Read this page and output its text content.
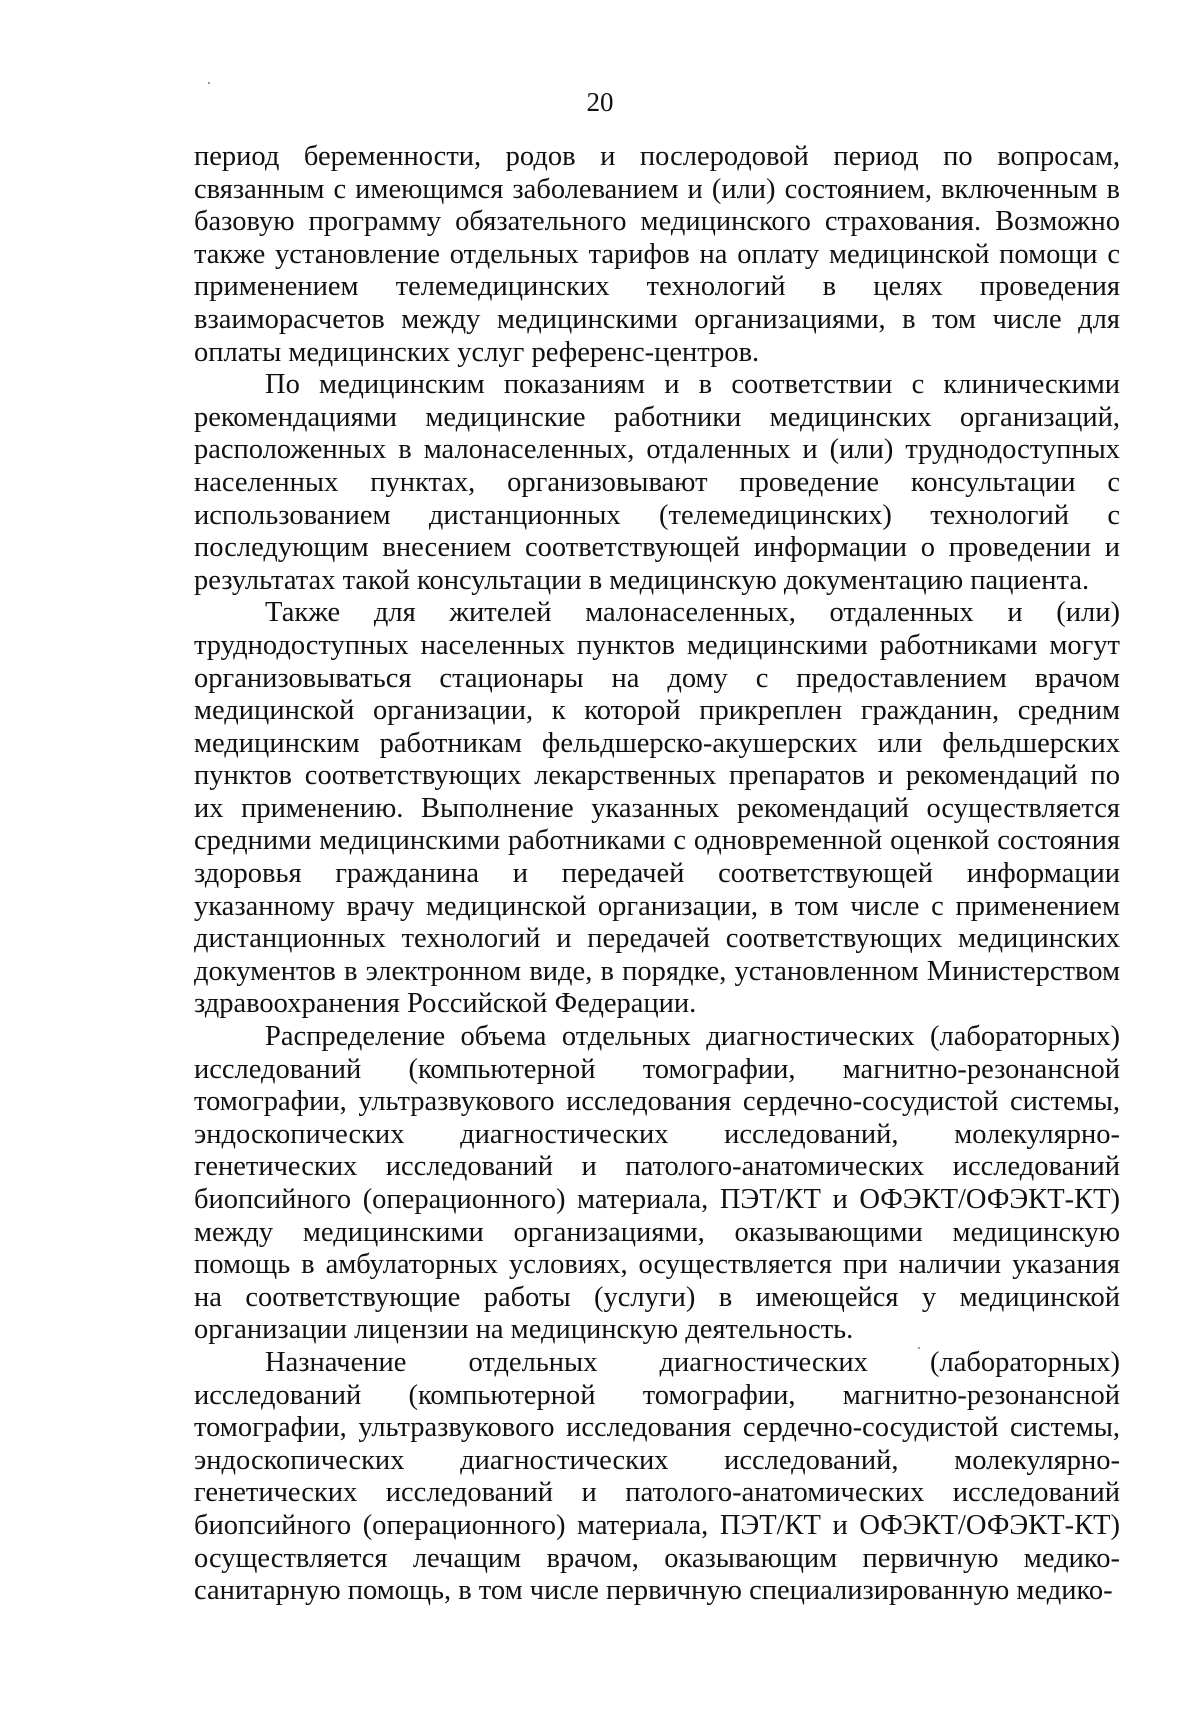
20

период беременности, родов и послеродовой период по вопросам, связанным с имеющимся заболеванием и (или) состоянием, включенным в базовую программу обязательного медицинского страхования. Возможно также установление отдельных тарифов на оплату медицинской помощи с применением телемедицинских технологий в целях проведения взаиморасчетов между медицинскими организациями, в том числе для оплаты медицинских услуг референс-центров.

По медицинским показаниям и в соответствии с клиническими рекомендациями медицинские работники медицинских организаций, расположенных в малонаселенных, отдаленных и (или) труднодоступных населенных пунктах, организовывают проведение консультации с использованием дистанционных (телемедицинских) технологий с последующим внесением соответствующей информации о проведении и результатах такой консультации в медицинскую документацию пациента.

Также для жителей малонаселенных, отдаленных и (или) труднодоступных населенных пунктов медицинскими работниками могут организовываться стационары на дому с предоставлением врачом медицинской организации, к которой прикреплен гражданин, средним медицинским работникам фельдшерско-акушерских или фельдшерских пунктов соответствующих лекарственных препаратов и рекомендаций по их применению. Выполнение указанных рекомендаций осуществляется средними медицинскими работниками с одновременной оценкой состояния здоровья гражданина и передачей соответствующей информации указанному врачу медицинской организации, в том числе с применением дистанционных технологий и передачей соответствующих медицинских документов в электронном виде, в порядке, установленном Министерством здравоохранения Российской Федерации.

Распределение объема отдельных диагностических (лабораторных) исследований (компьютерной томографии, магнитно-резонансной томографии, ультразвукового исследования сердечно-сосудистой системы, эндоскопических диагностических исследований, молекулярно-генетических исследований и патолого-анатомических исследований биопсийного (операционного) материала, ПЭТ/КТ и ОФЭКТ/ОФЭКТ-КТ) между медицинскими организациями, оказывающими медицинскую помощь в амбулаторных условиях, осуществляется при наличии указания на соответствующие работы (услуги) в имеющейся у медицинской организации лицензии на медицинскую деятельность.

Назначение отдельных диагностических (лабораторных) исследований (компьютерной томографии, магнитно-резонансной томографии, ультразвукового исследования сердечно-сосудистой системы, эндоскопических диагностических исследований, молекулярно-генетических исследований и патолого-анатомических исследований биопсийного (операционного) материала, ПЭТ/КТ и ОФЭКТ/ОФЭКТ-КТ) осуществляется лечащим врачом, оказывающим первичную медико-санитарную помощь, в том числе первичную специализированную медико-
